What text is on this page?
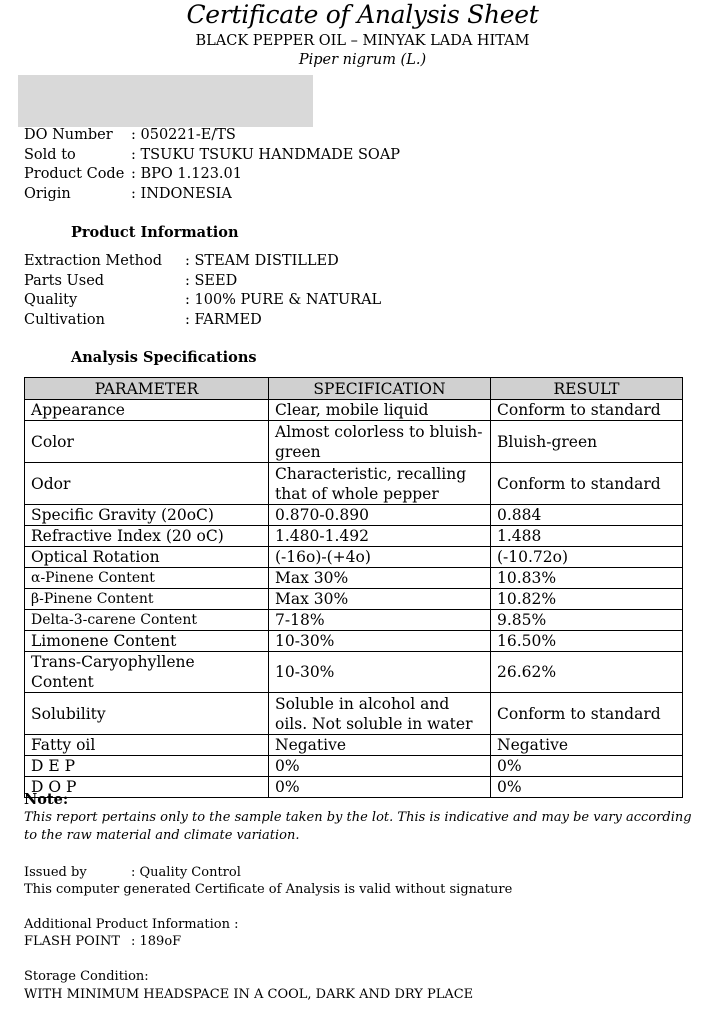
Certificate of Analysis Sheet
BLACK PEPPER OIL – MINYAK LADA HITAM
Piper nigrum (L.)
DO Number : 050221-E/TS
Sold to	: TSUKU TSUKU HANDMADE SOAP
Product Code : BPO 1.123.01
Origin	: INDONESIA
Product Information
Extraction Method : STEAM DISTILLED
Parts Used	: SEED
Quality	: 100% PURE & NATURAL
Cultivation	: FARMED
Analysis Specifications
PARAMETER	SPECIFICATION	RESULT
Appearance	Clear, mobile liquid	Conform to standard
Color	Almost colorless to bluish-green	Bluish-green
Odor	Characteristic, recalling that of whole pepper	Conform to standard
Specific Gravity (20oC)	0.870-0.890	0.884
Refractive Index (20 oC)	1.480-1.492	1.488
Optical Rotation	(-16o)-(+4o)	(-10.72o)
α-Pinene Content	Max 30%	10.83%
β-Pinene Content	Max 30%	10.82%
Delta-3-carene Content	7-18%	9.85%
Limonene Content	10-30%	16.50%
Trans-Caryophyllene Content	10-30%	26.62%
Solubility	Soluble in alcohol and oils. Not soluble in water	Conform to standard
Fatty oil	Negative	Negative
D E P	0%	0%
D O P	0%	0%
Note:
This report pertains only to the sample taken by the lot. This is indicative and may be vary according to the raw material and climate variation.
Issued by	: Quality Control
This computer generated Certificate of Analysis is valid without signature
Additional Product Information :
FLASH POINT : 189oF
Storage Condition:
WITH MINIMUM HEADSPACE IN A COOL, DARK AND DRY PLACE
